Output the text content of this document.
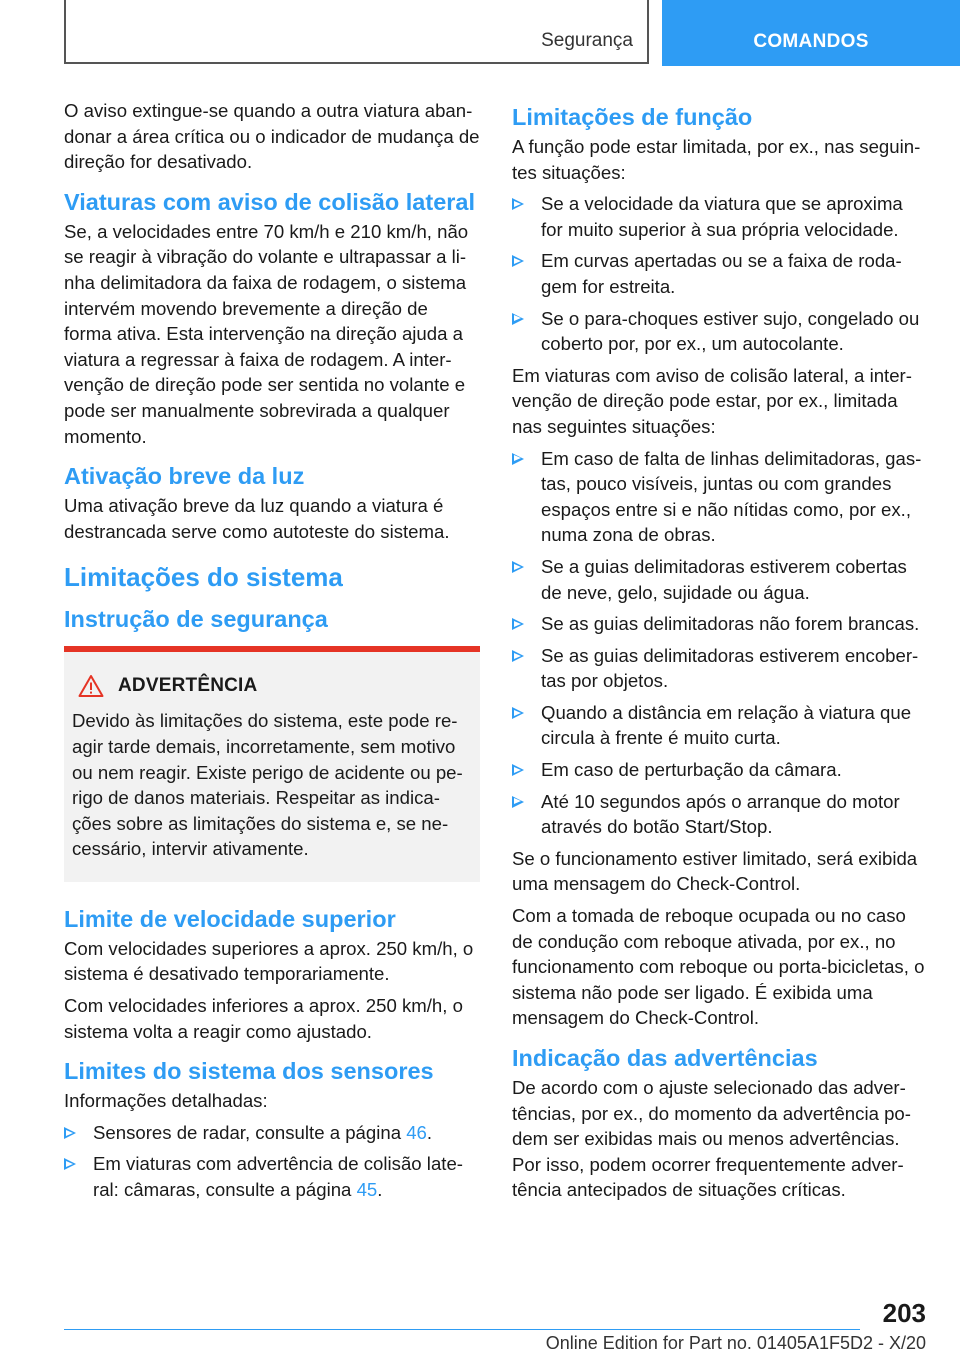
Segurança	COMANDOS

O aviso extingue-se quando a outra viatura aban-donar a área crítica ou o indicador de mudança de direção for desativado.

Viaturas com aviso de colisão lateral

Se, a velocidades entre 70 km/h e 210 km/h, não se reagir à vibração do volante e ultrapassar a li-nha delimitadora da faixa de rodagem, o sistema intervém movendo brevemente a direção de forma ativa. Esta intervenção na direção ajuda a viatura a regressar à faixa de rodagem. A inter-venção de direção pode ser sentida no volante e pode ser manualmente sobrevirada a qualquer momento.

Ativação breve da luz

Uma ativação breve da luz quando a viatura é destrancada serve como autoteste do sistema.

Limitações do sistema
Instrução de segurança
ADVERTÊNCIA

Devido às limitações do sistema, este pode re-agir tarde demais, incorretamente, sem motivo ou nem reagir. Existe perigo de acidente ou pe-rigo de danos materiais. Respeitar as indica-ções sobre as limitações do sistema e, se ne-cessário, intervir ativamente.

Limite de velocidade superior

Com velocidades superiores a aprox. 250 km/h, o sistema é desativado temporariamente.

Com velocidades inferiores a aprox. 250 km/h, o sistema volta a reagir como ajustado.

Limites do sistema dos sensores

Informações detalhadas:

Sensores de radar, consulte a página 46.
Em viaturas com advertência de colisão late-ral: câmaras, consulte a página 45.
Limitações de função

A função pode estar limitada, por ex., nas seguin-tes situações:

Se a velocidade da viatura que se aproxima for muito superior à sua própria velocidade.
Em curvas apertadas ou se a faixa de roda-gem for estreita.
Se o para-choques estiver sujo, congelado ou coberto por, por ex., um autocolante.

Em viaturas com aviso de colisão lateral, a inter-venção de direção pode estar, por ex., limitada nas seguintes situações:

Em caso de falta de linhas delimitadoras, gas-tas, pouco visíveis, juntas ou com grandes espaços entre si e não nítidas como, por ex., numa zona de obras.
Se a guias delimitadoras estiverem cobertas de neve, gelo, sujidade ou água.
Se as guias delimitadoras não forem brancas.
Se as guias delimitadoras estiverem encober-tas por objetos.
Quando a distância em relação à viatura que circula à frente é muito curta.
Em caso de perturbação da câmara.
Até 10 segundos após o arranque do motor através do botão Start/Stop.

Se o funcionamento estiver limitado, será exibida uma mensagem do Check-Control.

Com a tomada de reboque ocupada ou no caso de condução com reboque ativada, por ex., no funcionamento com reboque ou porta-bicicletas, o sistema não pode ser ligado. É exibida uma mensagem do Check-Control.

Indicação das advertências

De acordo com o ajuste selecionado das adver-tências, por ex., do momento da advertência po-dem ser exibidas mais ou menos advertências. Por isso, podem ocorrer frequentemente adver-tência antecipados de situações críticas.

203
Online Edition for Part no. 01405A1F5D2 - X/20
